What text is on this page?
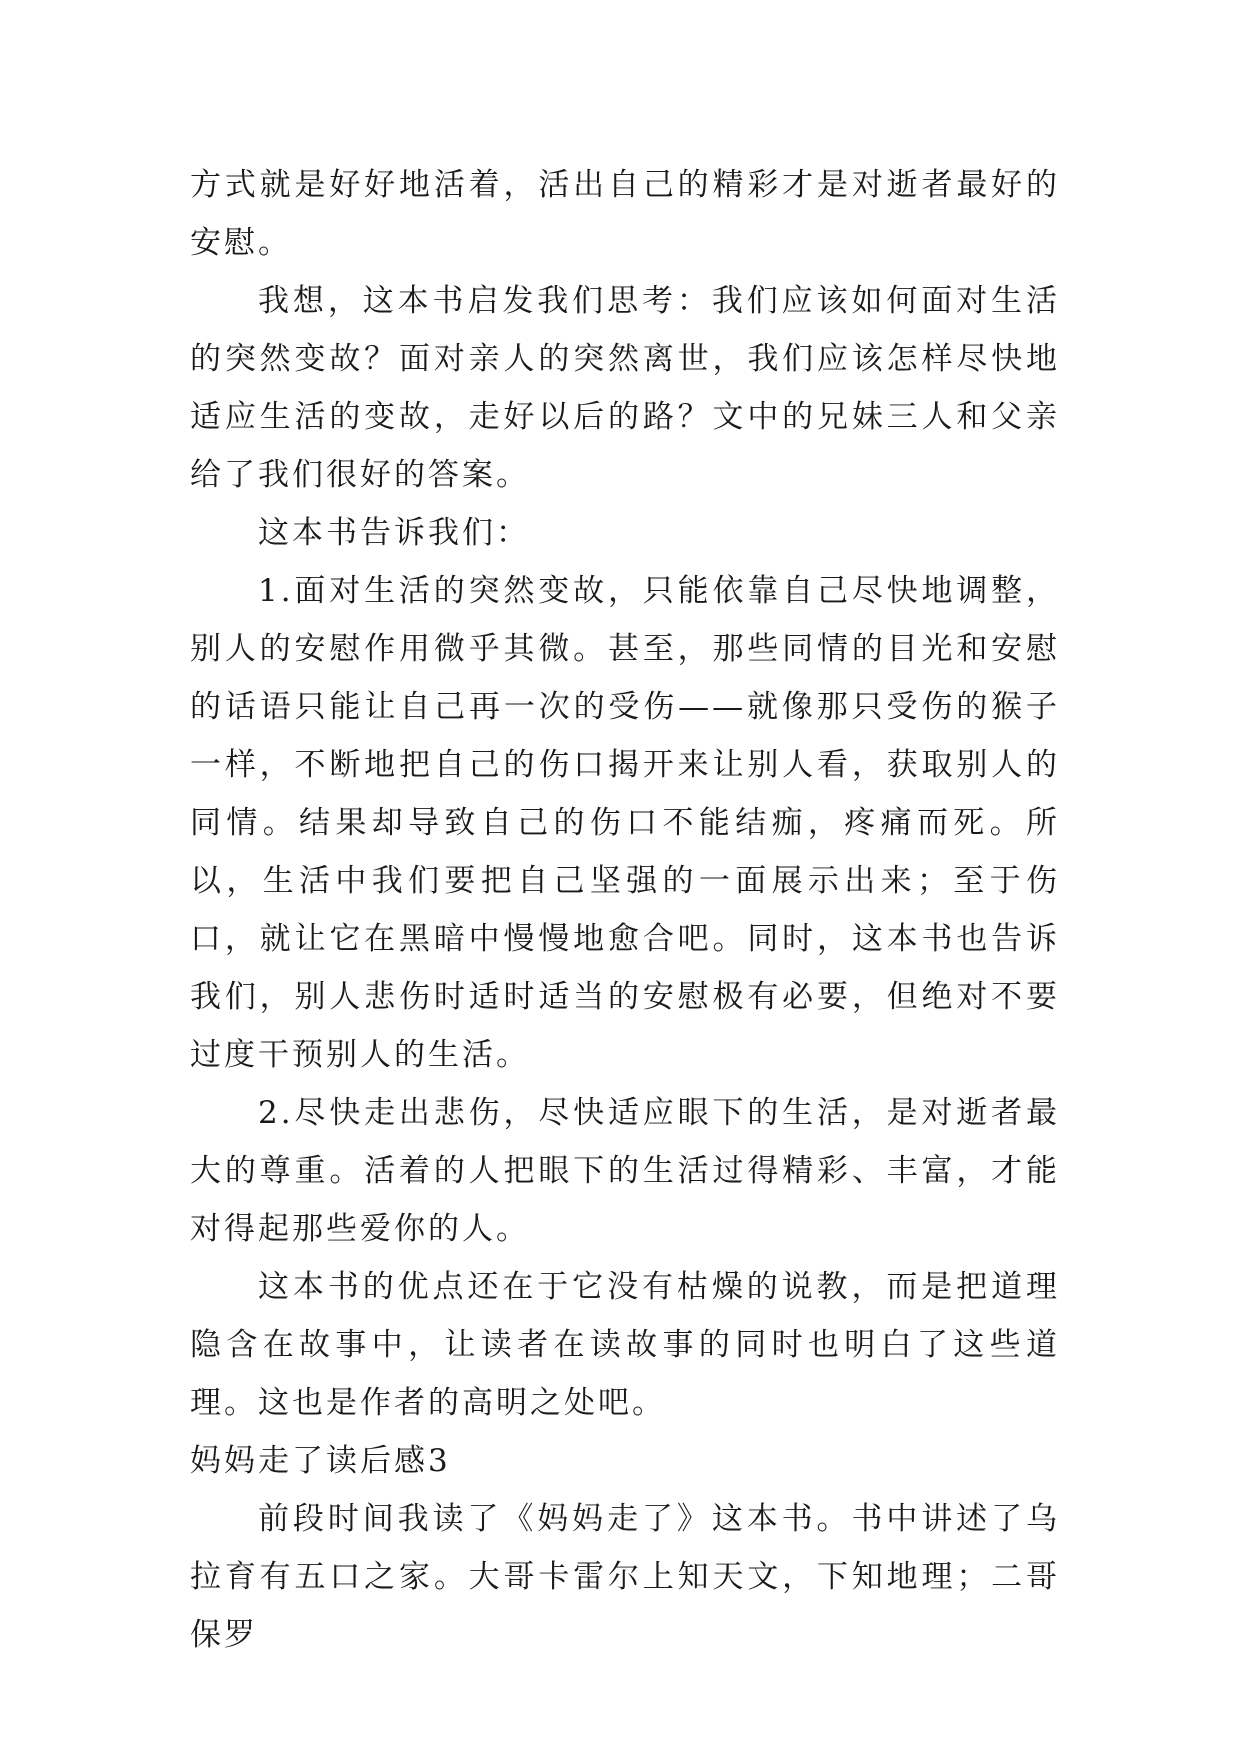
方式就是好好地活着，活出自己的精彩才是对逝者最好的安慰。

我想，这本书启发我们思考：我们应该如何面对生活的突然变故？面对亲人的突然离世，我们应该怎样尽快地适应生活的变故，走好以后的路？文中的兄妹三人和父亲给了我们很好的答案。

这本书告诉我们：

1.面对生活的突然变故，只能依靠自己尽快地调整，别人的安慰作用微乎其微。甚至，那些同情的目光和安慰的话语只能让自己再一次的受伤——就像那只受伤的猴子一样，不断地把自己的伤口揭开来让别人看，获取别人的同情。结果却导致自己的伤口不能结痂，疼痛而死。所以，生活中我们要把自己坚强的一面展示出来；至于伤口，就让它在黑暗中慢慢地愈合吧。同时，这本书也告诉我们，别人悲伤时适时适当的安慰极有必要，但绝对不要过度干预别人的生活。

2.尽快走出悲伤，尽快适应眼下的生活，是对逝者最大的尊重。活着的人把眼下的生活过得精彩、丰富，才能对得起那些爱你的人。

这本书的优点还在于它没有枯燥的说教，而是把道理隐含在故事中，让读者在读故事的同时也明白了这些道理。这也是作者的高明之处吧。

妈妈走了读后感3

前段时间我读了《妈妈走了》这本书。书中讲述了乌拉育有五口之家。大哥卡雷尔上知天文，下知地理；二哥保罗
